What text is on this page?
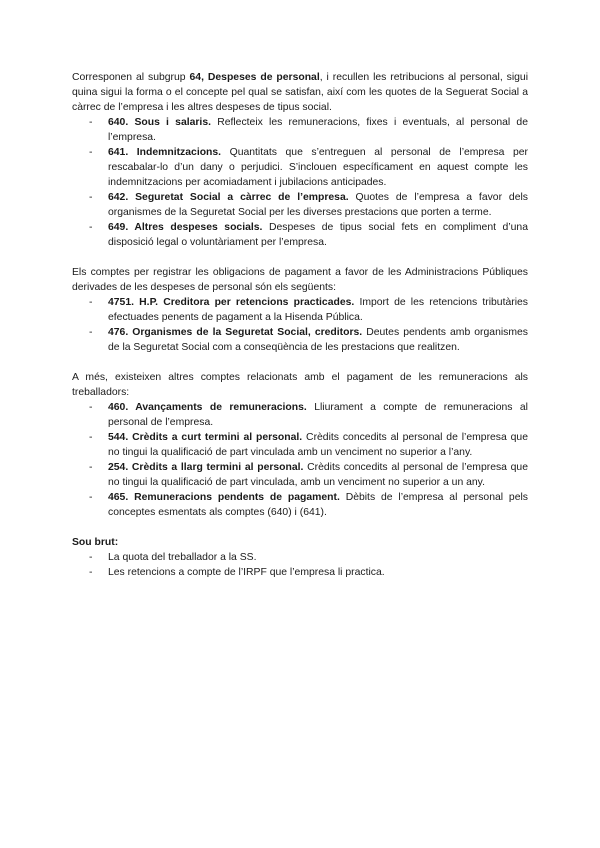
Corresponen al subgrup 64, Despeses de personal, i recullen les retribucions al personal, sigui quina sigui la forma o el concepte pel qual se satisfan, així com les quotes de la Seguerat Social a càrrec de l’empresa i les altres despeses de tipus social.

- 640. Sous i salaris. Reflecteix les remuneracions, fixes i eventuals, al personal de l’empresa.
- 641. Indemnitzacions. Quantitats que s’entreguen al personal de l’empresa per rescabalar-lo d’un dany o perjudici. S’inclouen específicament en aquest compte les indemnitzacions per acomiadament i jubilacions anticipades.
- 642. Seguretat Social a càrrec de l’empresa. Quotes de l’empresa a favor dels organismes de la Seguretat Social per les diverses prestacions que porten a terme.
- 649. Altres despeses socials. Despeses de tipus social fets en compliment d’una disposició legal o voluntàriament per l’empresa.

Els comptes per registrar les obligacions de pagament a favor de les Administracions Públiques derivades de les despeses de personal són els següents:

- 4751. H.P. Creditora per retencions practicades. Import de les retencions tributàries efectuades penents de pagament a la Hisenda Pública.
- 476. Organismes de la Seguretat Social, creditors. Deutes pendents amb organismes de la Seguretat Social com a conseqüència de les prestacions que realitzen.

A més, existeixen altres comptes relacionats amb el pagament de les remuneracions als treballadors:

- 460. Avançaments de remuneracions. Lliurament a compte de remuneracions al personal de l’empresa.
- 544. Crèdits a curt termini al personal. Crèdits concedits al personal de l’empresa que no tingui la qualificació de part vinculada amb un venciment no superior a l’any.
- 254. Crèdits a llarg termini al personal. Crèdits concedits al personal de l’empresa que no tingui la qualificació de part vinculada, amb un venciment no superior a un any.
- 465. Remuneracions pendents de pagament. Dèbits de l’empresa al personal pels conceptes esmentats als comptes (640) i (641).

Sou brut:

- La quota del treballador a la SS.
- Les retencions a compte de l’IRPF que l’empresa li practica.
